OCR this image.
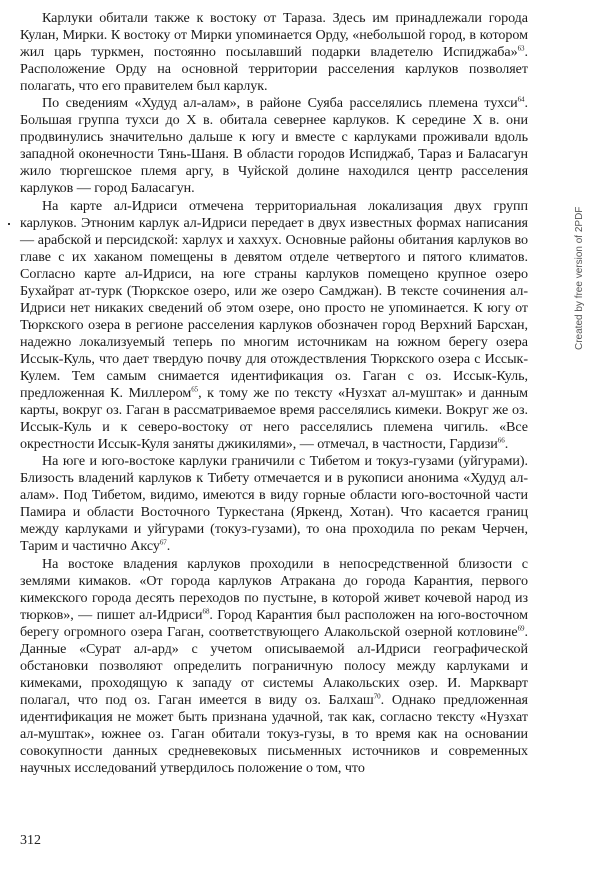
Карлуки обитали также к востоку от Тараза. Здесь им принадлежали города Кулан, Мирки. К востоку от Мирки упоминается Орду, «небольшой город, в котором жил царь туркмен, постоянно посылавший подарки владетелю Испиджаба»$^{63}$. Расположение Орду на основной территории расселения карлуков позволяет полагать, что его правителем был карлук.

По сведениям «Худуд ал-алам», в районе Суяба расселялись племена тухси$^{64}$. Большая группа тухси до X в. обитала севернее карлуков. К середине X в. они продвинулись значительно дальше к югу и вместе с карлуками проживали вдоль западной оконечности Тянь-Шаня. В области городов Испиджаб, Тараз и Баласагун жило тюргешское племя аргу, в Чуйской долине находился центр расселения карлуков — город Баласагун.

На карте ал-Идриси отмечена территориальная локализация двух групп карлуков. Этноним карлук ал-Идриси передает в двух известных формах написания — арабской и персидской: харлух и хаххух. Основные районы обитания карлуков во главе с их хаканом помещены в девятом отделе четвертого и пятого климатов. Согласно карте ал-Идриси, на юге страны карлуков помещено крупное озеро Бухайрат ат-турк (Тюркское озеро, или же озеро Самджан). В тексте сочинения ал-Идриси нет никаких сведений об этом озере, оно просто не упоминается. К югу от Тюркского озера в регионе расселения карлуков обозначен город Верхний Барсхан, надежно локализуемый теперь по многим источникам на южном берегу озера Иссык-Куль, что дает твердую почву для отождествления Тюркского озера с Иссык-Кулем. Тем самым снимается идентификация оз. Гаган с оз. Иссык-Куль, предложенная К. Миллером$^{65}$, к тому же по тексту «Нузхат ал-муштак» и данным карты, вокруг оз. Гаган в рассматриваемое время расселялись кимеки. Вокруг же оз. Иссык-Куль и к северо-востоку от него расселялись племена чигиль. «Все окрестности Иссык-Куля заняты джикилями», — отмечал, в частности, Гардизи$^{66}$.

На юге и юго-востоке карлуки граничили с Тибетом и токуз-гузами (уйгурами). Близость владений карлуков к Тибету отмечается и в рукописи анонима «Худуд ал-алам». Под Тибетом, видимо, имеются в виду горные области юго-восточной части Памира и области Восточного Туркестана (Яркенд, Хотан). Что касается границ между карлуками и уйгурами (токуз-гузами), то она проходила по рекам Черчен, Тарим и частично Аксу$^{67}$.

На востоке владения карлуков проходили в непосредственной близости с землями кимаков. «От города карлуков Атракана до города Карантия, первого кимекского города десять переходов по пустыне, в которой живет кочевой народ из тюрков», — пишет ал-Идриси$^{68}$. Город Карантия был расположен на юго-восточном берегу огромного озера Гаган, соответствующего Алакольской озерной котловине$^{69}$. Данные «Сурат ал-ард» с учетом описываемой ал-Идриси географической обстановки позволяют определить пограничную полосу между карлуками и кимеками, проходящую к западу от системы Алакольских озер. И. Маркварт полагал, что под оз. Гаган имеется в виду оз. Балхаш$^{70}$. Однако предложенная идентификация не может быть признана удачной, так как, согласно тексту «Нузхат ал-муштак», южнее оз. Гаган обитали токуз-гузы, в то время как на основании совокупности данных средневековых письменных источников и современных научных исследований утвердилось положение о том, что

312
Created by free version of 2PDF
